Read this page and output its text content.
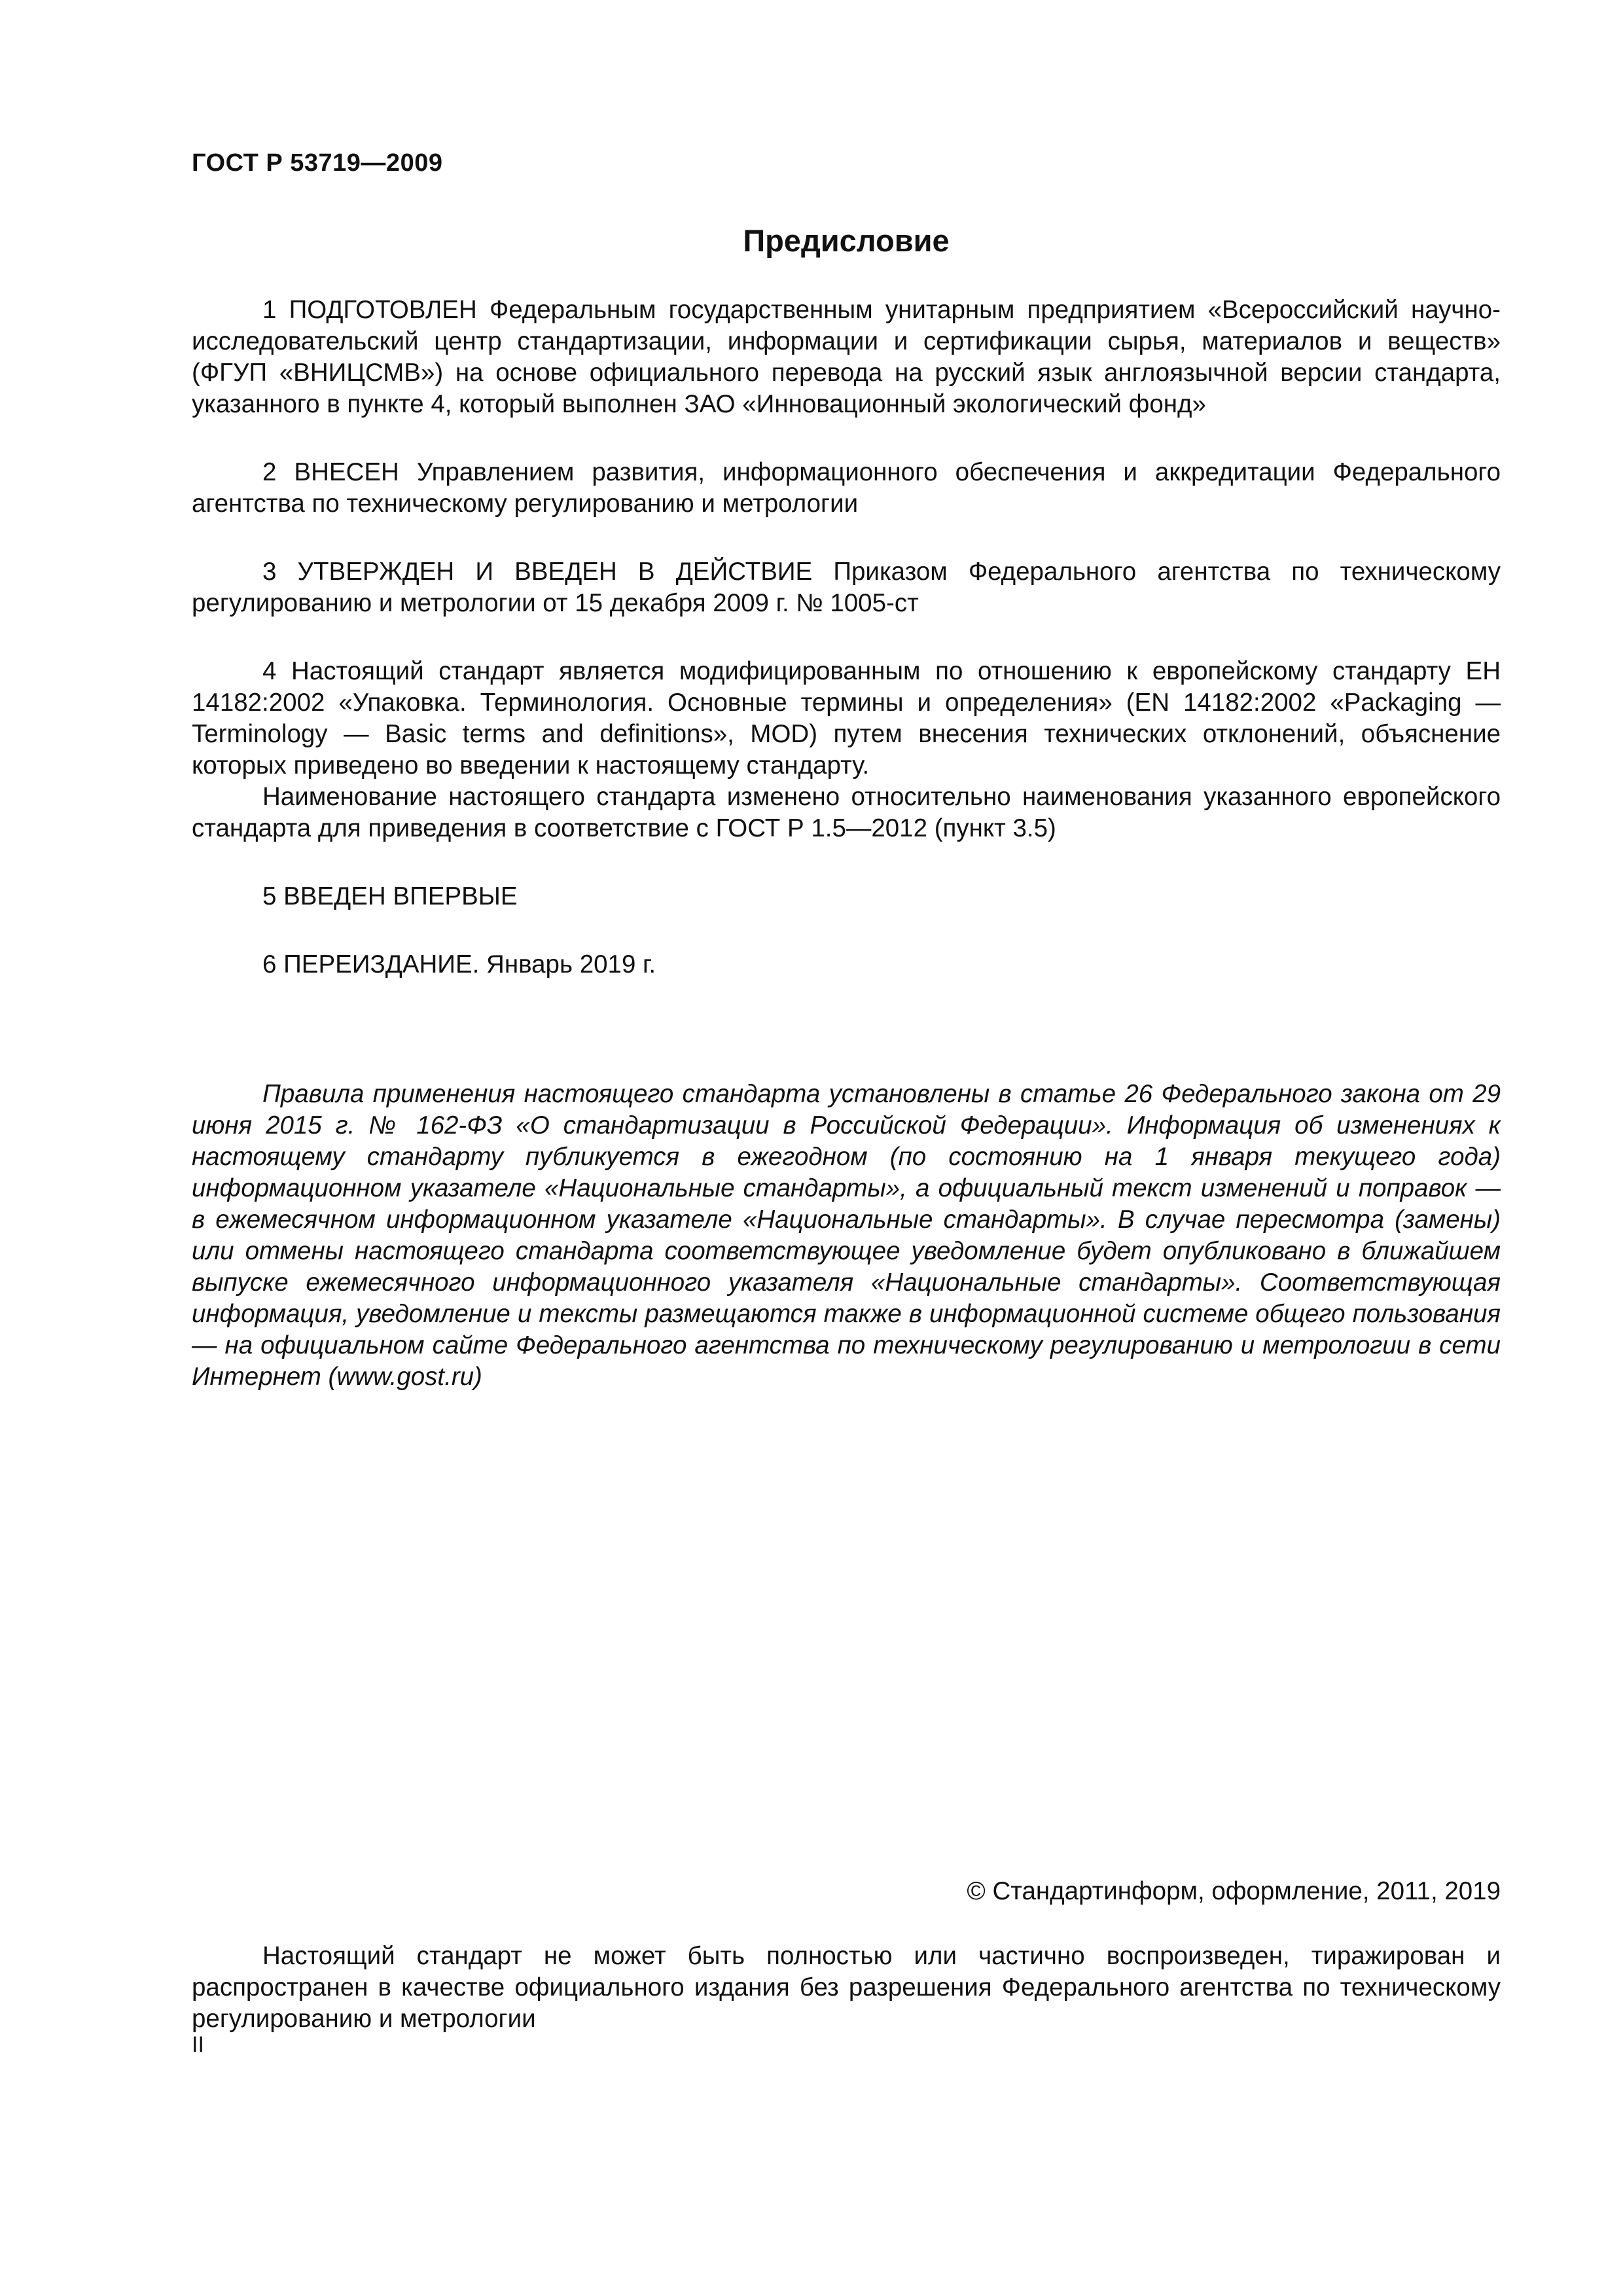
ГОСТ Р 53719—2009
Предисловие

1 ПОДГОТОВЛЕН Федеральным государственным унитарным предприятием «Всероссийский научно-исследовательский центр стандартизации, информации и сертификации сырья, материалов и веществ» (ФГУП «ВНИЦСМВ») на основе официального перевода на русский язык англоязычной версии стандарта, указанного в пункте 4, который выполнен ЗАО «Инновационный экологический фонд»

2 ВНЕСЕН Управлением развития, информационного обеспечения и аккредитации Федерального агентства по техническому регулированию и метрологии

3 УТВЕРЖДЕН И ВВЕДЕН В ДЕЙСТВИЕ Приказом Федерального агентства по техническому регулированию и метрологии от 15 декабря 2009 г. № 1005-ст

4 Настоящий стандарт является модифицированным по отношению к европейскому стандарту ЕН 14182:2002 «Упаковка. Терминология. Основные термины и определения» (EN 14182:2002 «Packaging — Terminology — Basic terms and definitions», MOD) путем внесения технических отклонений, объяснение которых приведено во введении к настоящему стандарту.

Наименование настоящего стандарта изменено относительно наименования указанного европейского стандарта для приведения в соответствие с ГОСТ Р 1.5—2012 (пункт 3.5)

5 ВВЕДЕН ВПЕРВЫЕ

6 ПЕРЕИЗДАНИЕ. Январь 2019 г.

Правила применения настоящего стандарта установлены в статье 26 Федерального закона от 29 июня 2015 г. № 162-ФЗ «О стандартизации в Российской Федерации». Информация об изменениях к настоящему стандарту публикуется в ежегодном (по состоянию на 1 января текущего года) информационном указателе «Национальные стандарты», а официальный текст изменений и поправок — в ежемесячном информационном указателе «Национальные стандарты». В случае пересмотра (замены) или отмены настоящего стандарта соответствующее уведомление будет опубликовано в ближайшем выпуске ежемесячного информационного указателя «Национальные стандарты». Соответствующая информация, уведомление и тексты размещаются также в информационной системе общего пользования — на официальном сайте Федерального агентства по техническому регулированию и метрологии в сети Интернет (www.gost.ru)
© Стандартинформ, оформление, 2011, 2019
Настоящий стандарт не может быть полностью или частично воспроизведен, тиражирован и распространен в качестве официального издания без разрешения Федерального агентства по техническому регулированию и метрологии
II
